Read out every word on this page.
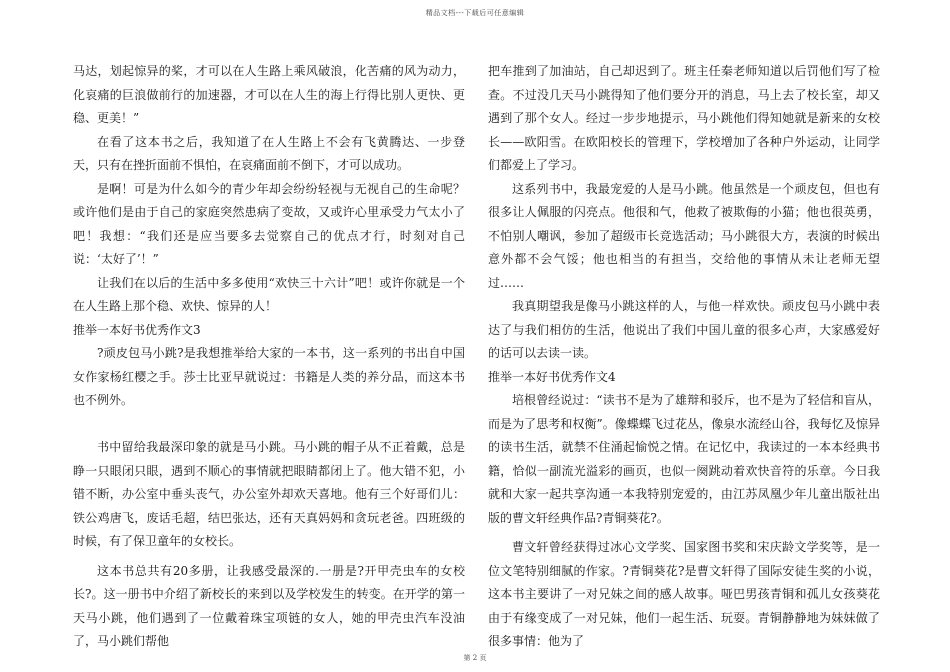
精品文档---下载后可任意编辑

马达，划起惊异的桨，才可以在人生路上乘风破浪，化苦痛的风为动力，化哀痛的巨浪做前行的加速器，才可以在人生的海上行得比别人更快、更稳、更美！”

在看了这本书之后，我知道了在人生路上不会有飞黄腾达、一步登天，只有在挫折面前不惧怕，在哀痛面前不倒下，才可以成功。

是啊！可是为什么如今的青少年却会纷纷轻视与无视自己的生命呢？或许他们是由于自己的家庭突然患病了变故，又或许心里承受力气太小了吧！我想：“我们还是应当要多去觉察自己的优点才行，时刻对自己说：‘太好了’！”

让我们在以后的生活中多多使用“欢快三十六计”吧！或许你就是一个在人生路上那个稳、欢快、惊异的人！

推举一本好书优秀作文3

?顽皮包马小跳?是我想推举给大家的一本书，这一系列的书出自中国女作家杨红樱之手。莎士比亚早就说过：书籍是人类的养分品，而这本书也不例外。

书中留给我最深印象的就是马小跳。马小跳的帽子从不正着戴，总是睁一只眼闭只眼，遇到不顺心的事情就把眼睛都闭上了。他大错不犯，小错不断，办公室中垂头丧气，办公室外却欢天喜地。他有三个好哥们儿：铁公鸡唐飞，废话毛超，结巴张达，还有天真妈妈和贪玩老爸。四班级的时候，有了保卫童年的女校长。

这本书总共有20多册，让我感受最深的.一册是?开甲壳虫车的女校长?。这一册书中介绍了新校长的来到以及学校发生的转变。在开学的第一天马小跳，他们遇到了一位戴着珠宝项链的女人，她的甲壳虫汽车没油了，马小跳们帮他

把车推到了加油站，自己却迟到了。班主任秦老师知道以后罚他们写了检查。不过没几天马小跳得知了他们要分开的消息，马上去了校长室，却又遇到了那个女人。经过一步步地提示，马小跳他们得知她就是新来的女校长——欧阳雪。在欧阳校长的管理下，学校增加了各种户外运动，让同学们都爱上了学习。

这系列书中，我最宠爱的人是马小跳。他虽然是一个顽皮包，但也有很多让人佩服的闪亮点。他很和气，他救了被欺侮的小猫；他也很英勇，不怕别人嘲讽，参加了超级市长竞选活动；马小跳很大方，表演的时候出意外都不会气馁；他也相当的有担当，交给他的事情从未让老师无望过……

我真期望我是像马小跳这样的人，与他一样欢快。顽皮包马小跳中表达了与我们相仿的生活，他说出了我们中国儿童的很多心声，大家感爱好的话可以去读一读。

推举一本好书优秀作文4

培根曾经说过：“读书不是为了雄辩和驳斥，也不是为了轻信和盲从，而是为了思考和权衡”。像蝶蝶飞过花丛，像泉水流经山谷，我每忆及惊异的读书生活，就禁不住涌起愉悦之情。在记忆中，我读过的一本本经典书籍，恰似一副流光溢彩的画页，也似一阕跳动着欢快音符的乐章。今日我就和大家一起共享沟通一本我特别宠爱的，由江苏凤凰少年儿童出版社出版的曹文轩经典作品?青铜葵花?。

曹文轩曾经获得过冰心文学奖、国家图书奖和宋庆龄文学奖等，是一位文笔特别细腻的作家。?青铜葵花?是曹文轩得了国际安徒生奖的小说，这本书主要讲了一对兄妹之间的感人故事。哑巴男孩青铜和孤儿女孩葵花由于有缘变成了一对兄妹，他们一起生活、玩耍。青铜静静地为妹妹做了很多事情：他为了

第 2 页
